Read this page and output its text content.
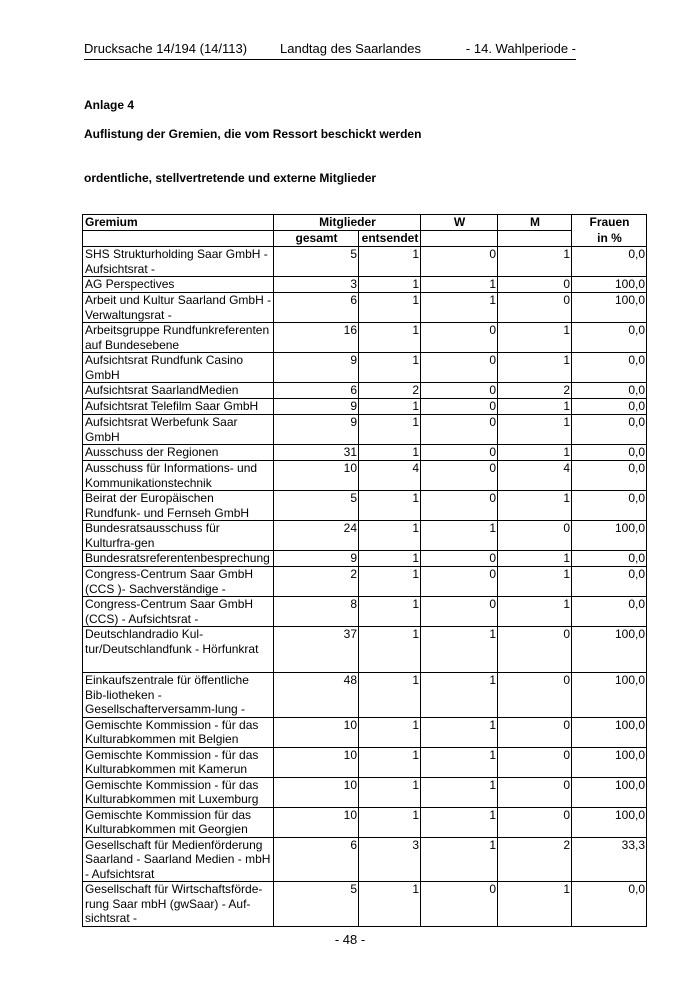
Drucksache 14/194 (14/113)	Landtag des Saarlandes	- 14. Wahlperiode -
Anlage 4
Auflistung der Gremien, die vom Ressort beschickt werden
ordentliche, stellvertretende und externe Mitglieder
Gremium	Mitglieder		W	M	Frauen
	gesamt	entsendet			in %
SHS Strukturholding Saar GmbH - Aufsichtsrat -	5	1	0	1	0,0
AG Perspectives	3	1	1	0	100,0
Arbeit und Kultur Saarland GmbH - Verwaltungsrat -	6	1	1	0	100,0
Arbeitsgruppe Rundfunkreferenten auf Bundesebene	16	1	0	1	0,0
Aufsichtsrat Rundfunk Casino GmbH	9	1	0	1	0,0
Aufsichtsrat SaarlandMedien	6	2	0	2	0,0
Aufsichtsrat Telefilm Saar GmbH	9	1	0	1	0,0
Aufsichtsrat Werbefunk Saar GmbH	9	1	0	1	0,0
Ausschuss der Regionen	31	1	0	1	0,0
Ausschuss für Informations- und Kommunikationstechnik	10	4	0	4	0,0
Beirat der Europäischen Rundfunk- und Fernseh GmbH	5	1	0	1	0,0
Bundesratsausschuss für Kulturfra-gen	24	1	1	0	100,0
Bundesratsreferentenbesprechung	9	1	0	1	0,0
Congress-Centrum Saar GmbH (CCS )- Sachverständige -	2	1	0	1	0,0
Congress-Centrum Saar GmbH (CCS) - Aufsichtsrat -	8	1	0	1	0,0
Deutschlandradio Kul-tur/Deutschlandfunk - Hörfunkrat	37	1	1	0	100,0
Einkaufszentrale für öffentliche Bib-liotheken - Gesellschafterversamm-lung -	48	1	1	0	100,0
Gemischte Kommission - für das Kulturabkommen mit Belgien	10	1	1	0	100,0
Gemischte Kommission - für das Kulturabkommen mit Kamerun	10	1	1	0	100,0
Gemischte Kommission - für das Kulturabkommen mit Luxemburg	10	1	1	0	100,0
Gemischte Kommission für das Kulturabkommen mit Georgien	10	1	1	0	100,0
Gesellschaft für Medienförderung Saarland - Saarland Medien - mbH - Aufsichtsrat	6	3	1	2	33,3
Gesellschaft für Wirtschaftsförde-rung Saar mbH (gwSaar) - Auf-sichtsrat -	5	1	0	1	0,0
- 48 -
